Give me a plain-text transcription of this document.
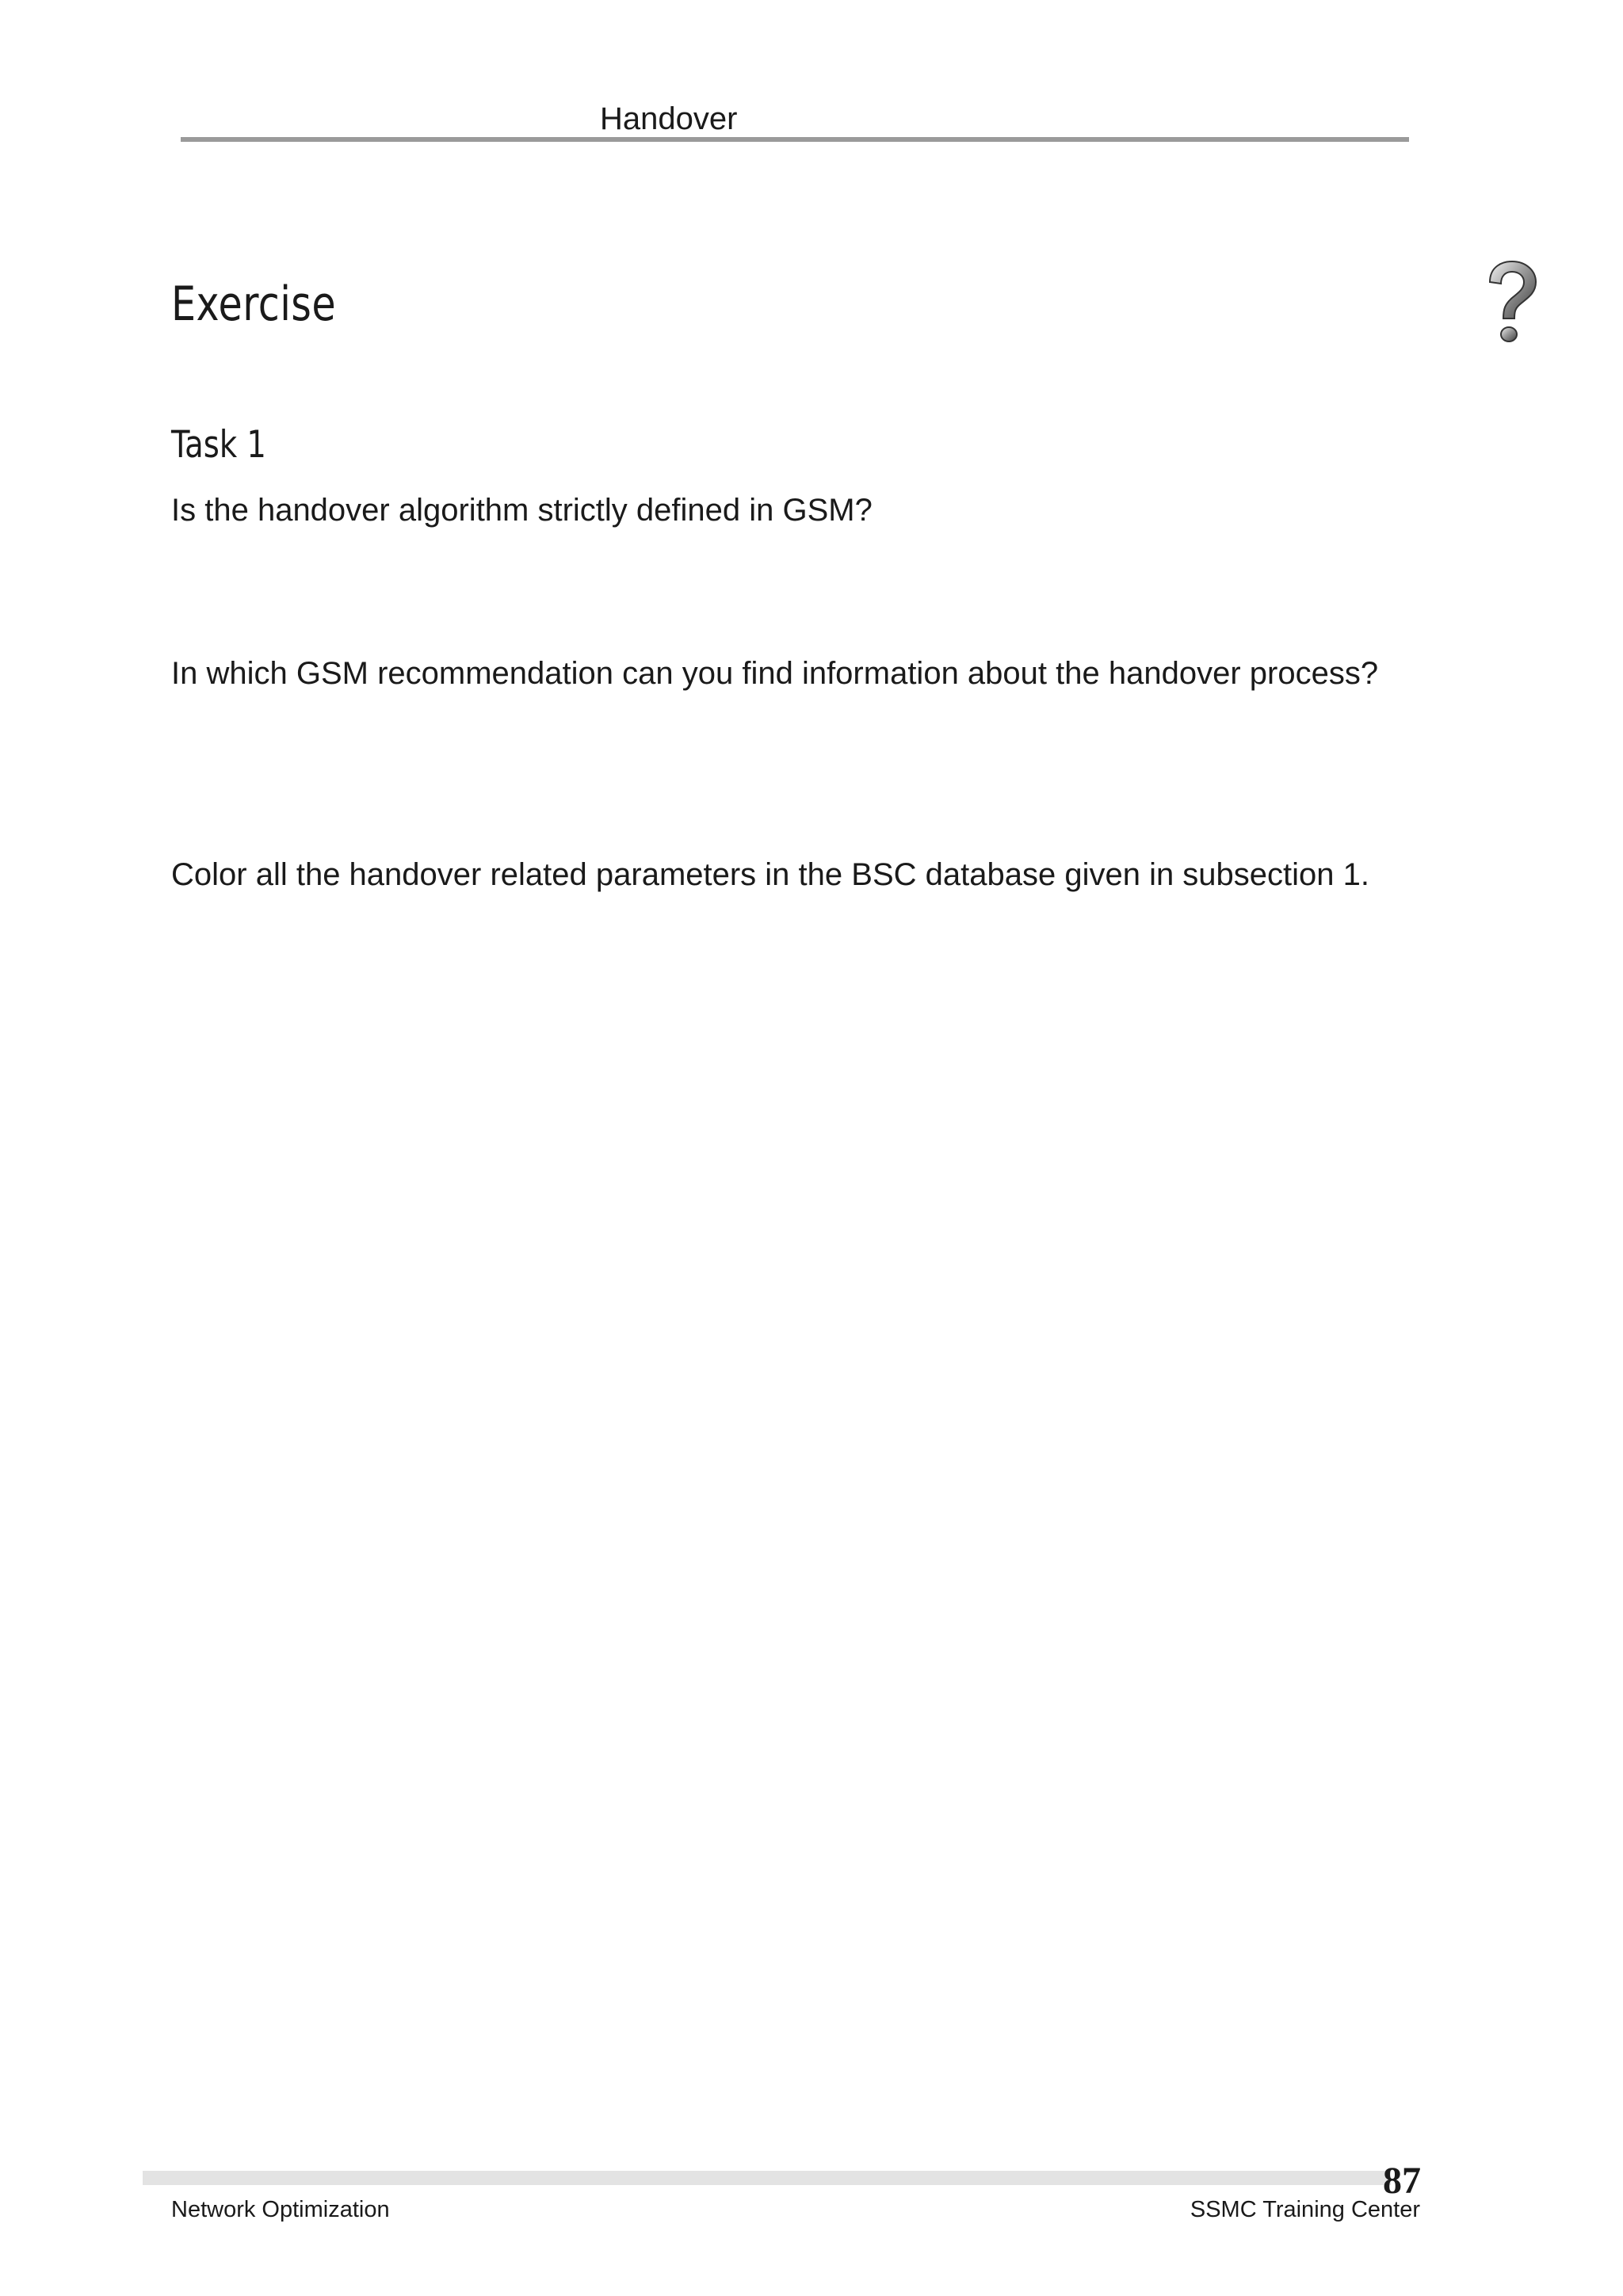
Handover
Exercise
Task 1
Is the handover algorithm strictly defined in GSM?
In which GSM recommendation can you find information about the handover process?
Color all the handover related parameters in the BSC database given in subsection 1.
87
Network Optimization	SSMC Training Center
